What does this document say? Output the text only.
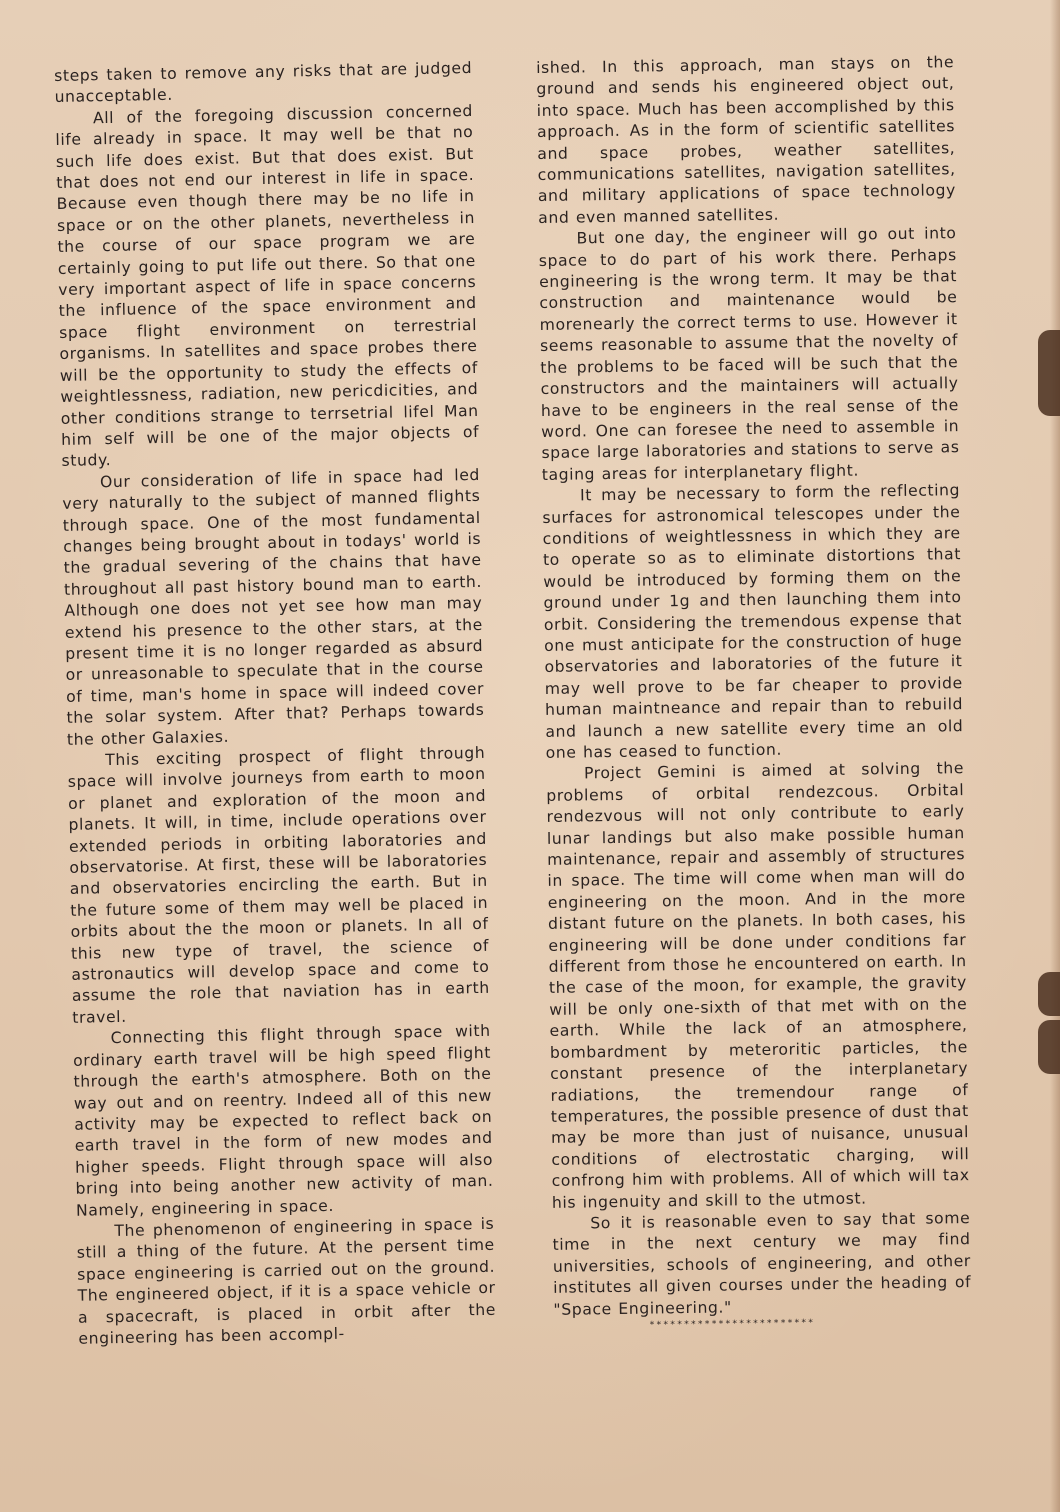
steps taken to remove any risks that are judged unacceptable.

All of the foregoing discussion concerned life already in space. It may well be that no such life does exist. But that does exist. But that does not end our interest in life in space. Because even though there may be no life in space or on the other planets, nevertheless in the course of our space program we are certainly going to put life out there. So that one very important aspect of life in space concerns the influence of the space environment and space flight environment on terrestrial organisms. In satellites and space probes there will be the opportunity to study the effects of weightlessness, radiation, new pericdicities, and other conditions strange to terrsetrial lifel Man him self will be one of the major objects of study.

Our consideration of life in space had led very naturally to the subject of manned flights through space. One of the most fundamental changes being brought about in todays' world is the gradual severing of the chains that have throughout all past history bound man to earth. Although one does not yet see how man may extend his presence to the other stars, at the present time it is no longer regarded as absurd or unreasonable to speculate that in the course of time, man's home in space will indeed cover the solar system. After that? Perhaps towards the other Galaxies.

This exciting prospect of flight through space will involve journeys from earth to moon or planet and exploration of the moon and planets. It will, in time, include operations over extended periods in orbiting laboratories and observatorise. At first, these will be laboratories and observatories encircling the earth. But in the future some of them may well be placed in orbits about the the moon or planets. In all of this new type of travel, the science of astronautics will develop space and come to assume the role that naviation has in earth travel.

Connecting this flight through space with ordinary earth travel will be high speed flight through the earth's atmosphere. Both on the way out and on reentry. Indeed all of this new activity may be expected to reflect back on earth travel in the form of new modes and higher speeds. Flight through space will also bring into being another new activity of man. Namely, engineering in space.

The phenomenon of engineering in space is still a thing of the future. At the persent time space engineering is carried out on the ground. The engineered object, if it is a space vehicle or a spacecraft, is placed in orbit after the engineering has been accompl-

ished. In this approach, man stays on the ground and sends his engineered object out, into space. Much has been accomplished by this approach. As in the form of scientific satellites and space probes, weather satellites, communications satellites, navigation satellites, and military applications of space technology and even manned satellites.

But one day, the engineer will go out into space to do part of his work there. Perhaps engineering is the wrong term. It may be that construction and maintenance would be morenearly the correct terms to use. However it seems reasonable to assume that the novelty of the problems to be faced will be such that the constructors and the maintainers will actually have to be engineers in the real sense of the word. One can foresee the need to assemble in space large laboratories and stations to serve as taging areas for interplanetary flight.

It may be necessary to form the reflecting surfaces for astronomical telescopes under the conditions of weightlessness in which they are to operate so as to eliminate distortions that would be introduced by forming them on the ground under 1g and then launching them into orbit. Considering the tremendous expense that one must anticipate for the construction of huge observatories and laboratories of the future it may well prove to be far cheaper to provide human maintneance and repair than to rebuild and launch a new satellite every time an old one has ceased to function.

Project Gemini is aimed at solving the problems of orbital rendezcous. Orbital rendezvous will not only contribute to early lunar landings but also make possible human maintenance, repair and assembly of structures in space. The time will come when man will do engineering on the moon. And in the more distant future on the planets. In both cases, his engineering will be done under conditions far different from those he encountered on earth. In the case of the moon, for example, the gravity will be only one-sixth of that met with on the earth. While the lack of an atmosphere, bombardment by meteroritic particles, the constant presence of the interplanetary radiations, the tremendour range of temperatures, the possible presence of dust that may be more than just of nuisance, unusual conditions of electrostatic charging, will confrong him with problems. All of which will tax his ingenuity and skill to the utmost.

So it is reasonable even to say that some time in the next century we may find universities, schools of engineering, and other institutes all given courses under the heading of "Space Engineering."

************************
